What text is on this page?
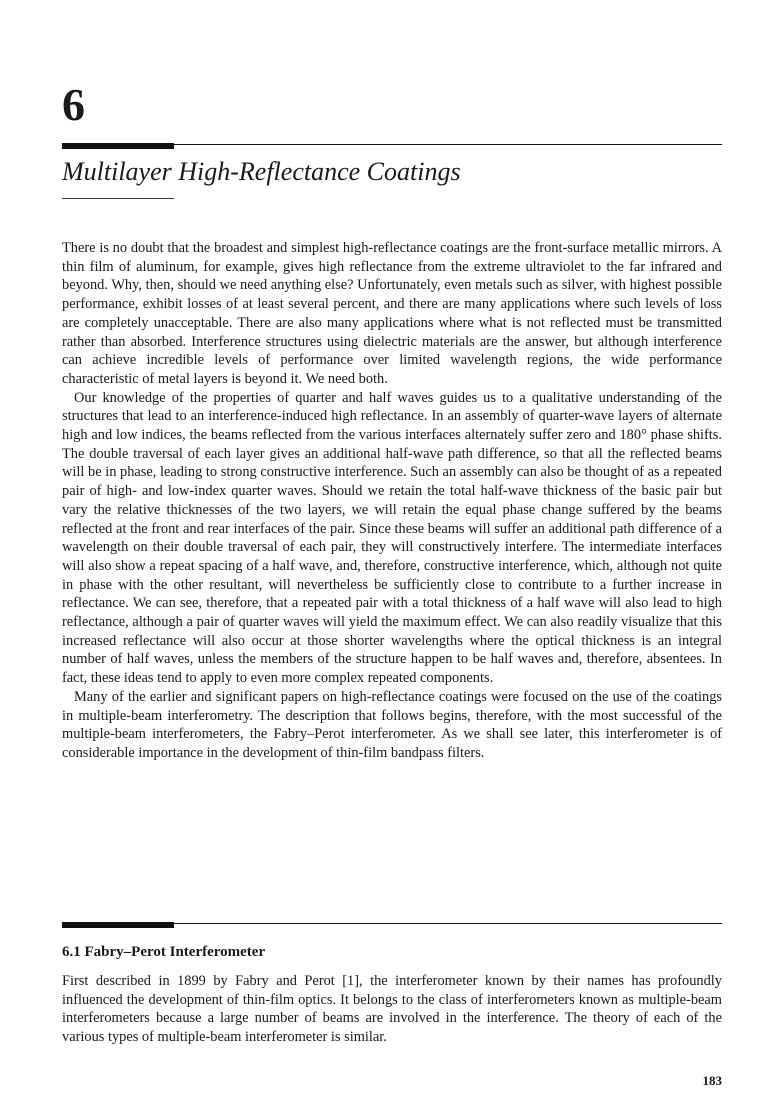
6
Multilayer High-Reflectance Coatings

There is no doubt that the broadest and simplest high-reflectance coatings are the front-surface metallic mirrors. A thin film of aluminum, for example, gives high reflectance from the extreme ultraviolet to the far infrared and beyond. Why, then, should we need anything else? Unfortunately, even metals such as silver, with highest possible performance, exhibit losses of at least several percent, and there are many applications where such levels of loss are completely unacceptable. There are also many applications where what is not reflected must be transmitted rather than absorbed. Interference structures using dielectric materials are the answer, but although interference can achieve incredible levels of performance over limited wavelength regions, the wide performance characteristic of metal layers is beyond it. We need both.

Our knowledge of the properties of quarter and half waves guides us to a qualitative understanding of the structures that lead to an interference-induced high reflectance. In an assembly of quarter-wave layers of alternate high and low indices, the beams reflected from the various interfaces alternately suffer zero and 180° phase shifts. The double traversal of each layer gives an additional half-wave path difference, so that all the reflected beams will be in phase, leading to strong constructive interference. Such an assembly can also be thought of as a repeated pair of high- and low-index quarter waves. Should we retain the total half-wave thickness of the basic pair but vary the relative thicknesses of the two layers, we will retain the equal phase change suffered by the beams reflected at the front and rear interfaces of the pair. Since these beams will suffer an additional path difference of a wavelength on their double traversal of each pair, they will constructively interfere. The intermediate interfaces will also show a repeat spacing of a half wave, and, therefore, constructive interference, which, although not quite in phase with the other resultant, will nevertheless be sufficiently close to contribute to a further increase in reflectance. We can see, therefore, that a repeated pair with a total thickness of a half wave will also lead to high reflectance, although a pair of quarter waves will yield the maximum effect. We can also readily visualize that this increased reflectance will also occur at those shorter wavelengths where the optical thickness is an integral number of half waves, unless the members of the structure happen to be half waves and, therefore, absentees. In fact, these ideas tend to apply to even more complex repeated components.

Many of the earlier and significant papers on high-reflectance coatings were focused on the use of the coatings in multiple-beam interferometry. The description that follows begins, therefore, with the most successful of the multiple-beam interferometers, the Fabry–Perot interferometer. As we shall see later, this interferometer is of considerable importance in the development of thin-film bandpass filters.

6.1 Fabry–Perot Interferometer

First described in 1899 by Fabry and Perot [1], the interferometer known by their names has profoundly influenced the development of thin-film optics. It belongs to the class of interferometers known as multiple-beam interferometers because a large number of beams are involved in the interference. The theory of each of the various types of multiple-beam interferometer is similar.

183
